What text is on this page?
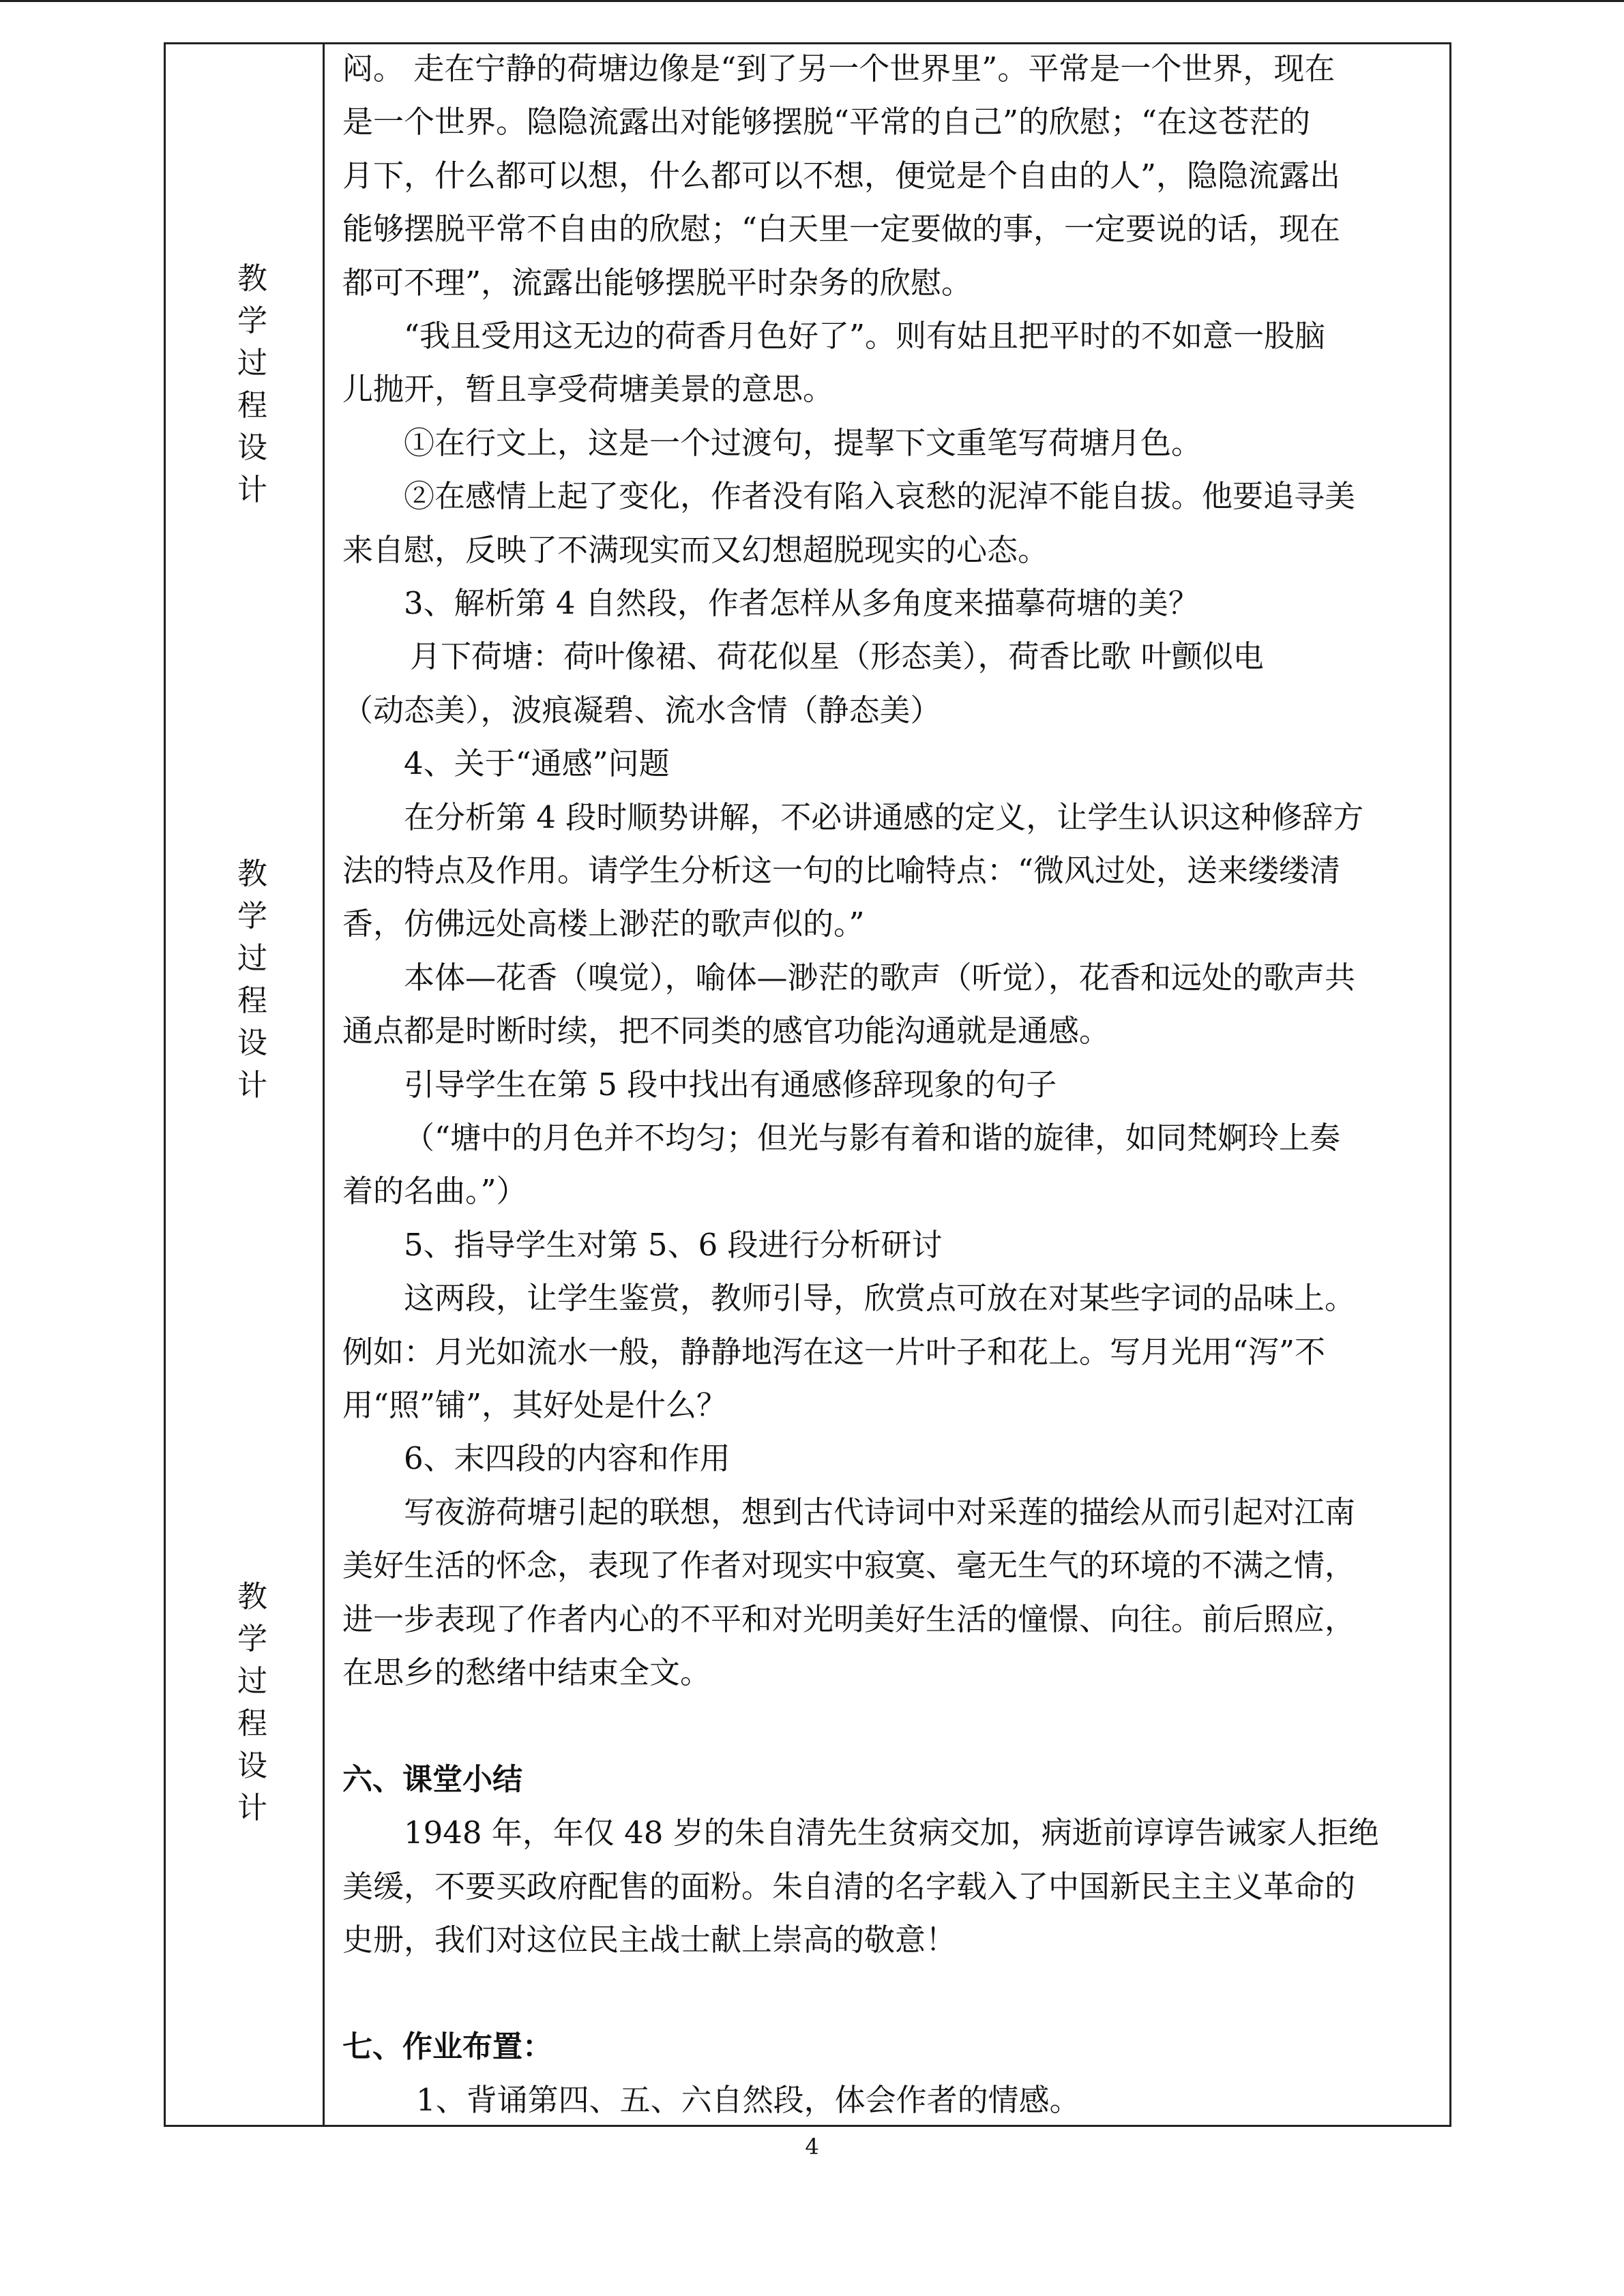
教
学
过
程
设
计
教
学
过
程
设
计
教
学
过
程
设
计
闷。 走在宁静的荷塘边像是“到了另一个世界里”。平常是一个世界，现在
是一个世界。隐隐流露出对能够摆脱“平常的自己”的欣慰；“在这苍茫的
月下，什么都可以想，什么都可以不想，便觉是个自由的人”，隐隐流露出
能够摆脱平常不自由的欣慰；“白天里一定要做的事，一定要说的话，现在
都可不理”，流露出能够摆脱平时杂务的欣慰。
“我且受用这无边的荷香月色好了”。则有姑且把平时的不如意一股脑
儿抛开，暂且享受荷塘美景的意思。
①在行文上，这是一个过渡句，提挈下文重笔写荷塘月色。
②在感情上起了变化，作者没有陷入哀愁的泥淖不能自拔。他要追寻美
来自慰，反映了不满现实而又幻想超脱现实的心态。
3、解析第 4 自然段，作者怎样从多角度来描摹荷塘的美？
月下荷塘：荷叶像裙、荷花似星（形态美），荷香比歌 叶颤似电
（动态美），波痕凝碧、流水含情（静态美）
4、关于“通感”问题
在分析第 4 段时顺势讲解，不必讲通感的定义，让学生认识这种修辞方
法的特点及作用。请学生分析这一句的比喻特点：“微风过处，送来缕缕清
香，仿佛远处高楼上渺茫的歌声似的。”
本体—花香（嗅觉），喻体—渺茫的歌声（听觉），花香和远处的歌声共
通点都是时断时续，把不同类的感官功能沟通就是通感。
引导学生在第 5 段中找出有通感修辞现象的句子
（“塘中的月色并不均匀；但光与影有着和谐的旋律，如同梵婀玲上奏
着的名曲。”）
5、指导学生对第 5、6 段进行分析研讨
这两段，让学生鉴赏，教师引导，欣赏点可放在对某些字词的品味上。
例如：月光如流水一般，静静地泻在这一片叶子和花上。写月光用“泻”不
用“照”铺”，其好处是什么？
6、末四段的内容和作用
写夜游荷塘引起的联想，想到古代诗词中对采莲的描绘从而引起对江南
美好生活的怀念，表现了作者对现实中寂寞、毫无生气的环境的不满之情，
进一步表现了作者内心的不平和对光明美好生活的憧憬、向往。前后照应，
在思乡的愁绪中结束全文。
六、课堂小结
1948 年，年仅 48 岁的朱自清先生贫病交加，病逝前谆谆告诫家人拒绝
美缓，不要买政府配售的面粉。朱自清的名字载入了中国新民主主义革命的
史册，我们对这位民主战士献上崇高的敬意！
七、作业布置：
1、背诵第四、五、六自然段，体会作者的情感。
4
